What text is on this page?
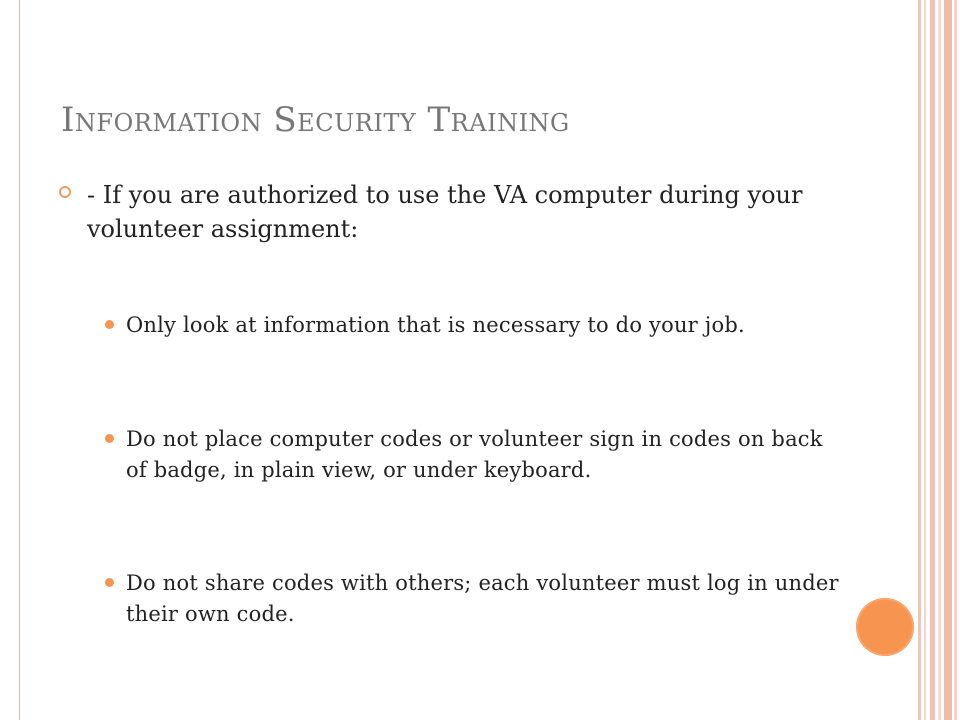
Information Security Training
- If you are authorized to use the VA computer during your volunteer assignment:
Only look at information that is necessary to do your job.
Do not place computer codes or volunteer sign in codes on back of badge, in plain view, or under keyboard.
Do not share codes with others; each volunteer must log in under their own code.
